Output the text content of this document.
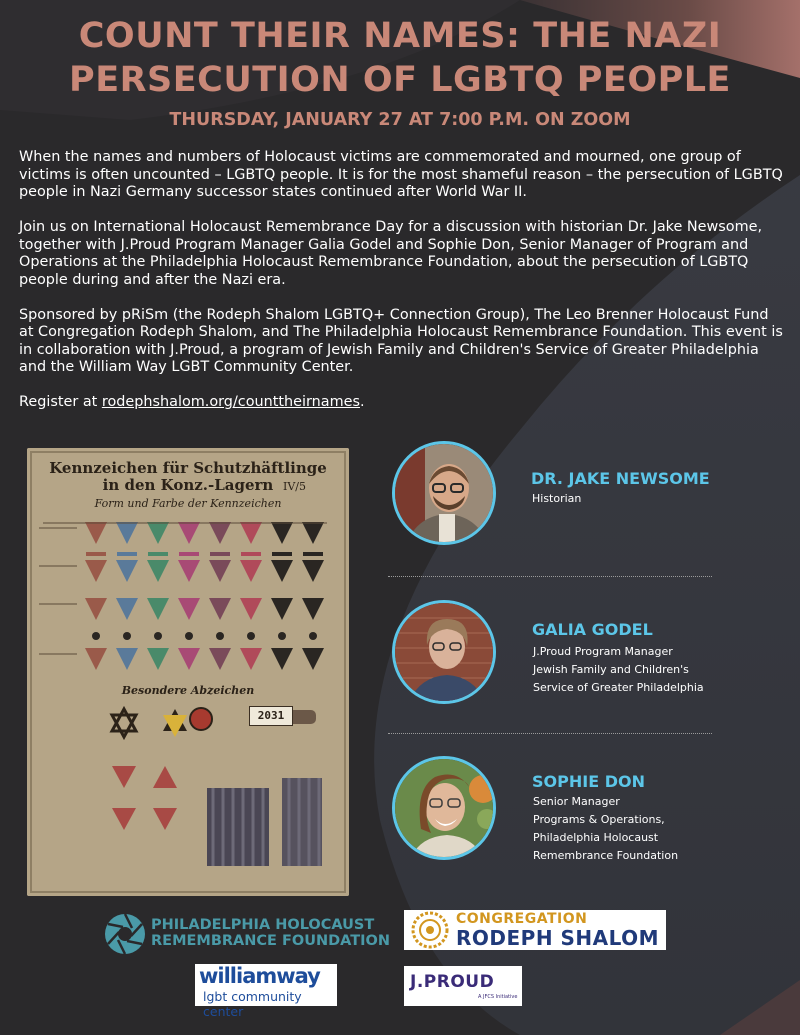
COUNT THEIR NAMES: THE NAZI
PERSECUTION OF LGBTQ PEOPLE
THURSDAY, JANUARY 27 AT 7:00 P.M. ON ZOOM

When the names and numbers of Holocaust victims are commemorated and mourned, one group of victims is often uncounted – LGBTQ people. It is for the most shameful reason – the persecution of LGBTQ people in Nazi Germany successor states continued after World War II.

Join us on International Holocaust Remembrance Day for a discussion with historian Dr. Jake Newsome, together with J.Proud Program Manager Galia Godel and Sophie Don, Senior Manager of Program and Operations at the Philadelphia Holocaust Remembrance Foundation, about the persecution of LGBTQ people during and after the Nazi era.

Sponsored by pRiSm (the Rodeph Shalom LGBTQ+ Connection Group), The Leo Brenner Holocaust Fund at Congregation Rodeph Shalom, and The Philadelphia Holocaust Remembrance Foundation. This event is in collaboration with J.Proud, a program of Jewish Family and Children's Service of Greater Philadelphia and the William Way LGBT Community Center.

Register at rodephshalom.org/counttheirnames.

Kennzeichen für Schutzhäftlinge
in den Konz.-Lagern IV/5
Form und Farbe der Kennzeichen
2031
Besondere Abzeichen
DR. JAKE NEWSOME
Historian
GALIA GODEL
J.Proud Program Manager
Jewish Family and Children's
Service of Greater Philadelphia
SOPHIE DON
Senior Manager
Programs & Operations,
Philadelphia Holocaust
Remembrance Foundation
PHILADELPHIA HOLOCAUST
REMEMBRANCE FOUNDATION
CONGREGATION
RODEPH SHALOM
williamway
lgbt community center
J.PROUD
A JFCS Initiative
